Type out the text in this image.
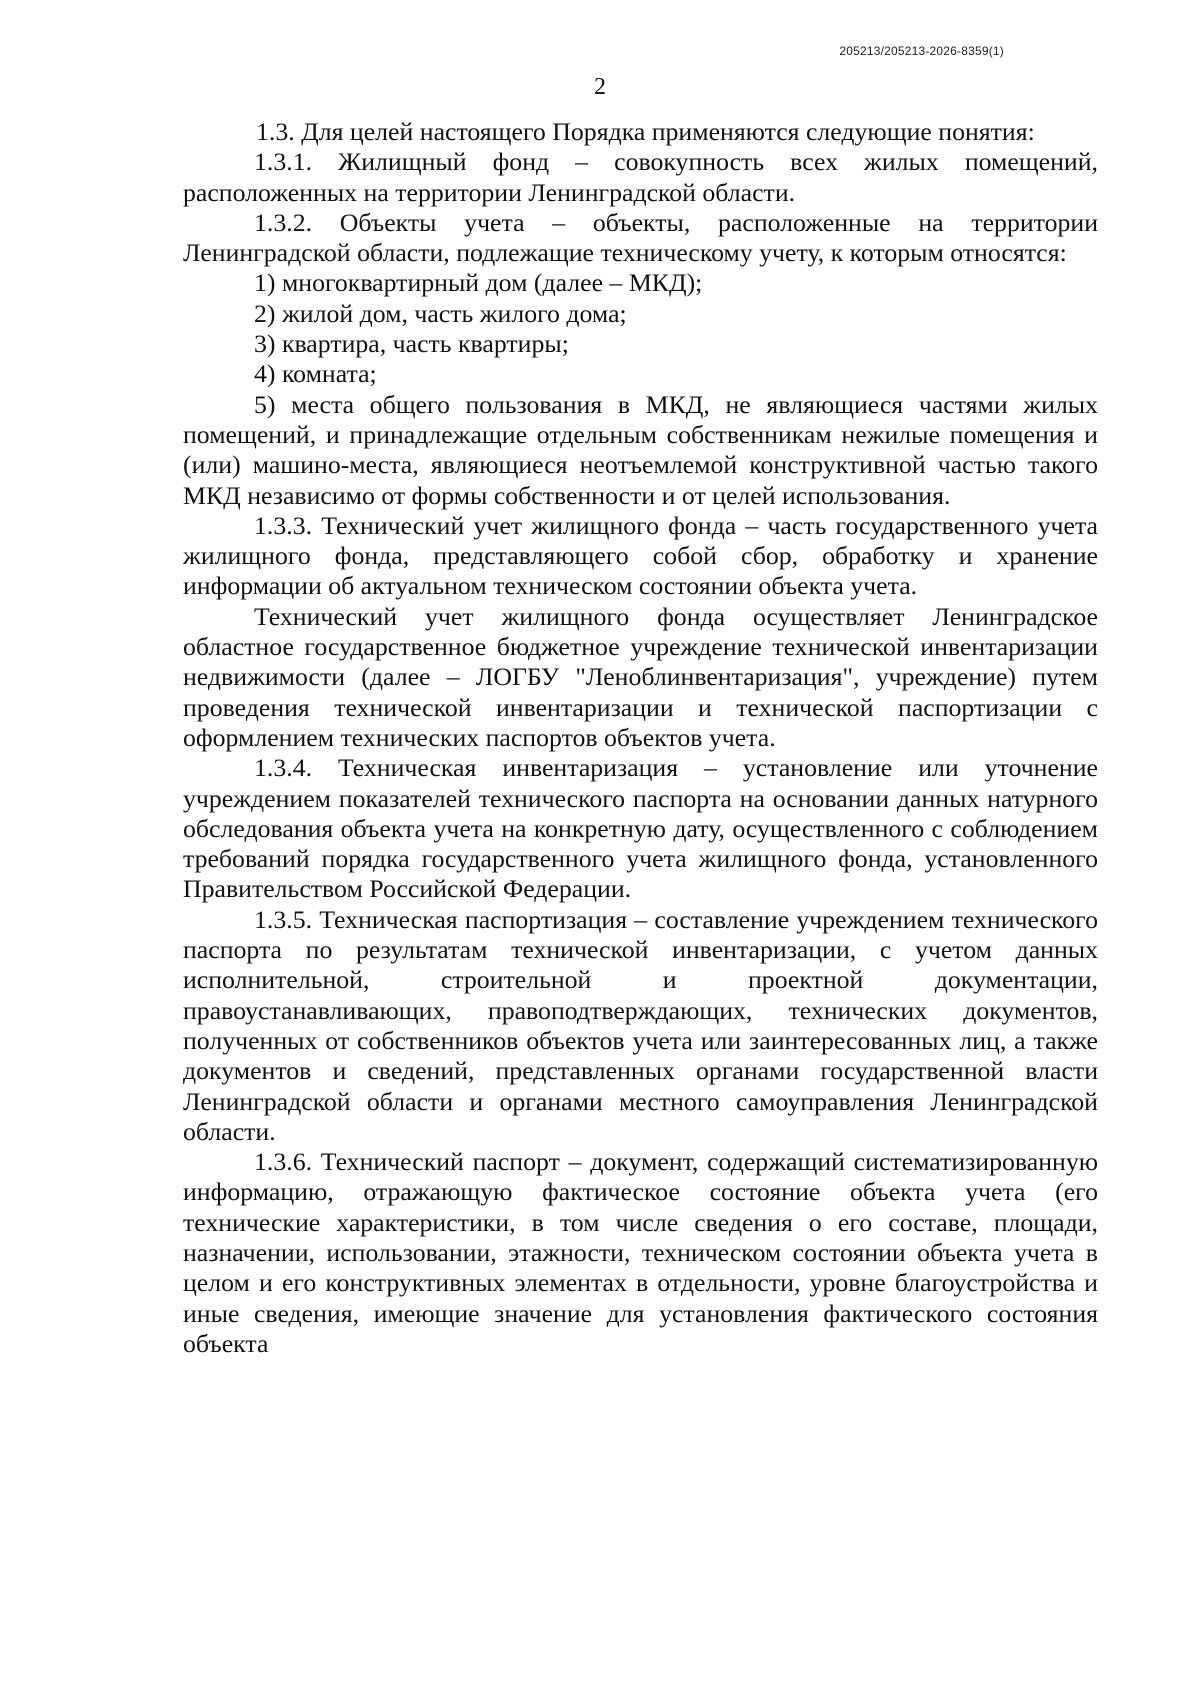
205213/205213-2026-8359(1)
2

1.3. Для целей настоящего Порядка применяются следующие понятия:

1.3.1. Жилищный фонд – совокупность всех жилых помещений, расположенных на территории Ленинградской области.

1.3.2. Объекты учета – объекты, расположенные на территории Ленинградской области, подлежащие техническому учету, к которым относятся:

1) многоквартирный дом (далее – МКД);

2) жилой дом, часть жилого дома;

3) квартира, часть квартиры;

4) комната;

5) места общего пользования в МКД, не являющиеся частями жилых помещений, и принадлежащие отдельным собственникам нежилые помещения и (или) машино-места, являющиеся неотъемлемой конструктивной частью такого МКД независимо от формы собственности и от целей использования.

1.3.3. Технический учет жилищного фонда – часть государственного учета жилищного фонда, представляющего собой сбор, обработку и хранение информации об актуальном техническом состоянии объекта учета.

Технический учет жилищного фонда осуществляет Ленинградское областное государственное бюджетное учреждение технической инвентаризации недвижимости (далее – ЛОГБУ "Леноблинвентаризация", учреждение) путем проведения технической инвентаризации и технической паспортизации с оформлением технических паспортов объектов учета.

1.3.4. Техническая инвентаризация – установление или уточнение учреждением показателей технического паспорта на основании данных натурного обследования объекта учета на конкретную дату, осуществленного с соблюдением требований порядка государственного учета жилищного фонда, установленного Правительством Российской Федерации.

1.3.5. Техническая паспортизация – составление учреждением технического паспорта по результатам технической инвентаризации, с учетом данных исполнительной, строительной и проектной документации, правоустанавливающих, правоподтверждающих, технических документов, полученных от собственников объектов учета или заинтересованных лиц, а также документов и сведений, представленных органами государственной власти Ленинградской области и органами местного самоуправления Ленинградской области.

1.3.6. Технический паспорт – документ, содержащий систематизированную информацию, отражающую фактическое состояние объекта учета (его технические характеристики, в том числе сведения о его составе, площади, назначении, использовании, этажности, техническом состоянии объекта учета в целом и его конструктивных элементах в отдельности, уровне благоустройства и иные сведения, имеющие значение для установления фактического состояния объекта
